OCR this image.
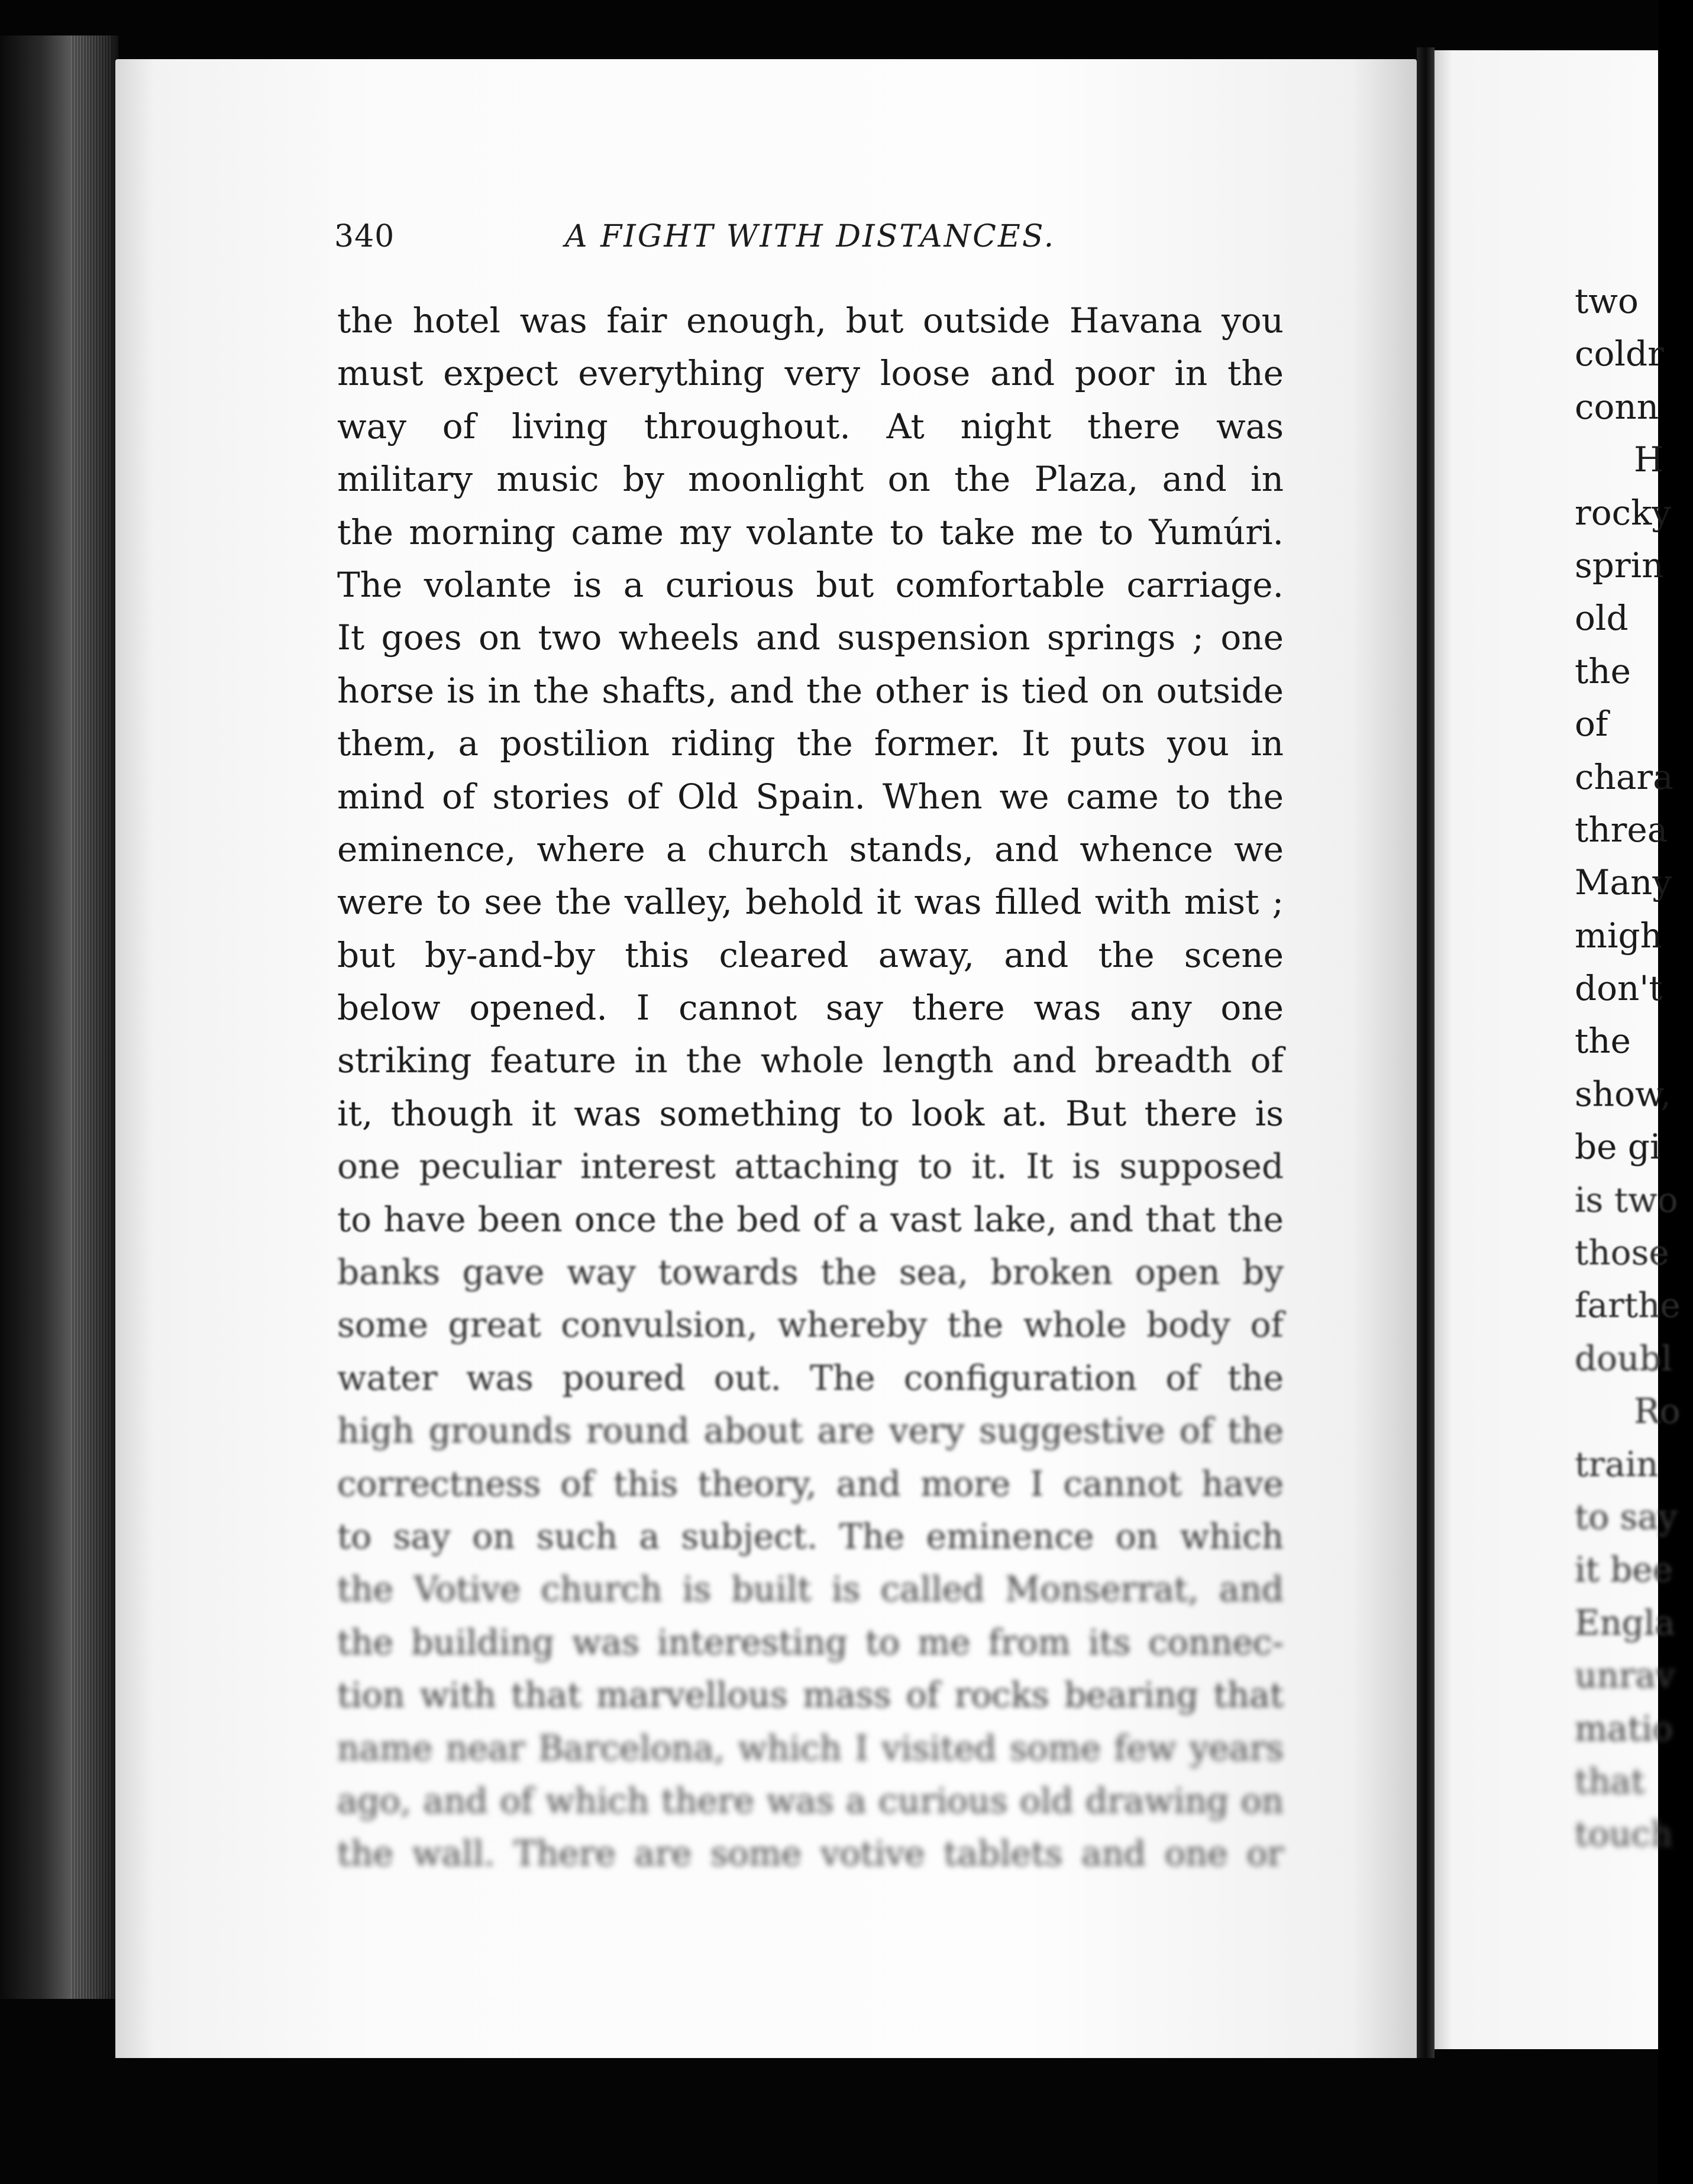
340	A FIGHT WITH DISTANCES.
the hotel was fair enough, but outside Havana you
must expect everything very loose and poor in the
way of living throughout. At night there was
military music by moonlight on the Plaza, and in
the morning came my volante to take me to Yumúri.
The volante is a curious but comfortable carriage.
It goes on two wheels and suspension springs ; one
horse is in the shafts, and the other is tied on outside
them, a postilion riding the former. It puts you in
mind of stories of Old Spain. When we came to the
eminence, where a church stands, and whence we
were to see the valley, behold it was filled with mist ;
but by-and-by this cleared away, and the scene
below opened. I cannot say there was any one
striking feature in the whole length and breadth of
it, though it was something to look at. But there is
one peculiar interest attaching to it. It is supposed
to have been once the bed of a vast lake, and that the
banks gave way towards the sea, broken open by
some great convulsion, whereby the whole body of
water was poured out. The configuration of the
high grounds round about are very suggestive of the
correctness of this theory, and more I cannot have
to say on such a subject. The eminence on which
the Votive church is built is called Monserrat, and
the building was interesting to me from its connec-
tion with that marvellous mass of rocks bearing that
name near Barcelona, which I visited some few years
ago, and of which there was a curious old drawing on
the wall. There are some votive tablets and one or
two
coldr
conn
H
rocky
sprin
old
the
of
chara
threa
Many
migh
don't
the
show,
be gi
is two
those
farthe
doubl
Ro
train
to say
it bee
Engla
unrav
matio
that
touch
